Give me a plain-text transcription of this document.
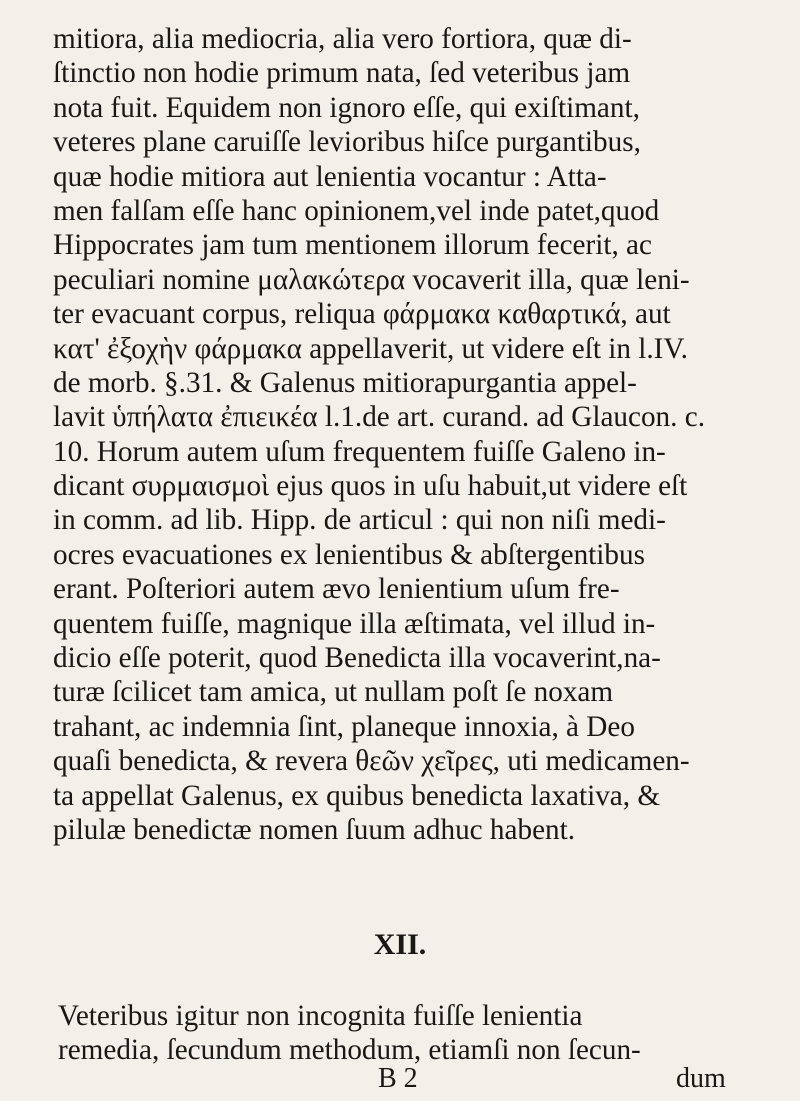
mitiora, alia mediocria, alia vero fortiora, quæ di-
ſtinctio non hodie primum nata, ſed veteribus jam
nota fuit. Equidem non ignoro eſſe, qui exiſtimant,
veteres plane caruiſſe levioribus hiſce purgantibus,
quæ hodie mitiora aut lenientia vocantur : Atta-
men falſam eſſe hanc opinionem,vel inde patet,quod
Hippocrates jam tum mentionem illorum fecerit, ac
peculiari nomine μαλακώτερα vocaverit illa, quæ leni-
ter evacuant corpus, reliqua φάρμακα καθαρτικά, aut
κατ' ἐξοχὴν φάρμακα appellaverit, ut videre eſt in l.IV.
de morb. §.31. & Galenus mitiorapurgantia appel-
lavit ὑπήλατα ἐπιεικέα l.1.de art. curand. ad Glaucon. c.
10. Horum autem uſum frequentem fuiſſe Galeno in-
dicant συρμαισμοὶ ejus quos in uſu habuit,ut videre eſt
in comm. ad lib. Hipp. de articul : qui non niſi medi-
ocres evacuationes ex lenientibus & abſtergentibus
erant. Poſteriori autem ævo lenientium uſum fre-
quentem fuiſſe, magnique illa æſtimata, vel illud in-
dicio eſſe poterit, quod Benedicta illa vocaverint,na-
turæ ſcilicet tam amica, ut nullam poſt ſe noxam
trahant, ac indemnia ſint, planeque innoxia, à Deo
quaſi benedicta, & revera θεῶν χεῖρες, uti medicamen-
ta appellat Galenus, ex quibus benedicta laxativa, &
pilulæ benedictæ nomen ſuum adhuc habent.
XII.
Veteribus igitur non incognita fuiſſe lenientia
remedia, ſecundum methodum, etiamſi non ſecun-
B 2	dum
